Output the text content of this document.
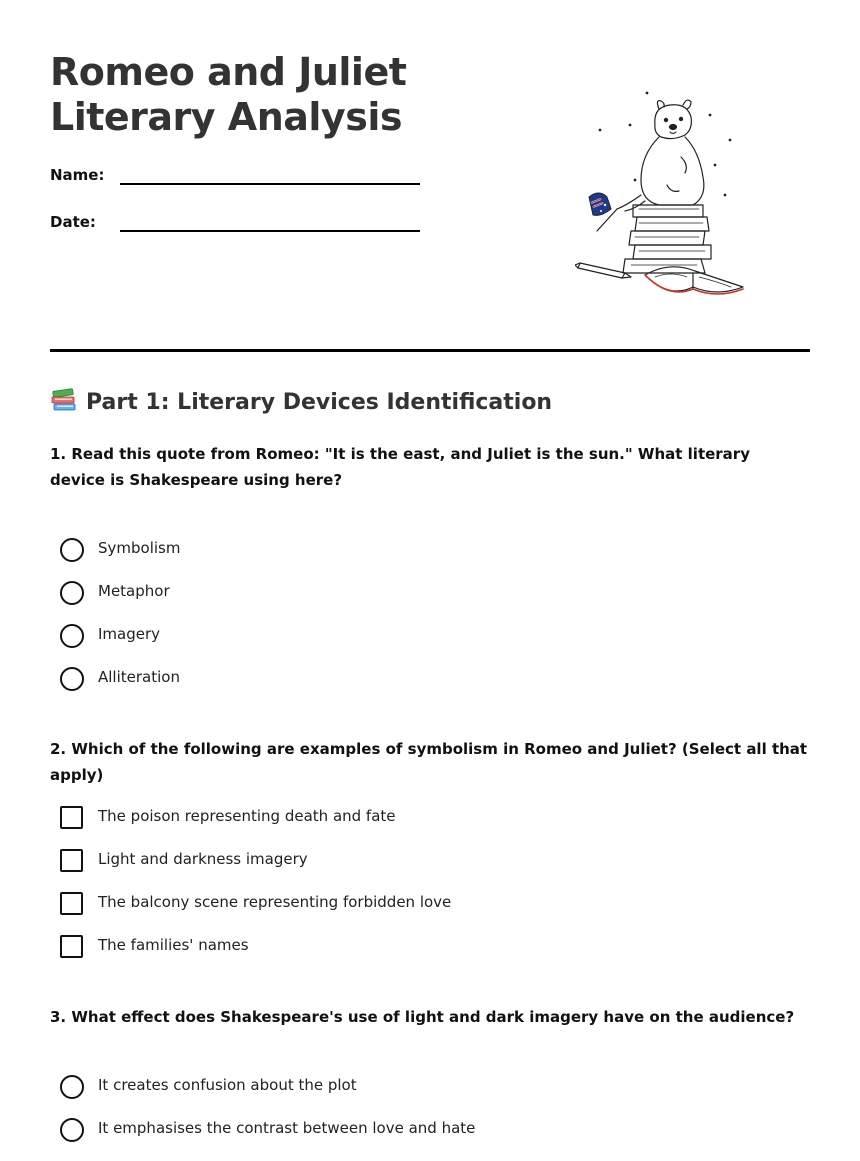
Romeo and Juliet
Literary Analysis
Name:
Date:
Part 1: Literary Devices Identification

1. Read this quote from Romeo: "It is the east, and Juliet is the sun." What literary device is Shakespeare using here?

Symbolism
Metaphor
Imagery
Alliteration

2. Which of the following are examples of symbolism in Romeo and Juliet? (Select all that apply)

The poison representing death and fate
Light and darkness imagery
The balcony scene representing forbidden love
The families' names

3. What effect does Shakespeare's use of light and dark imagery have on the audience?

It creates confusion about the plot
It emphasises the contrast between love and hate
